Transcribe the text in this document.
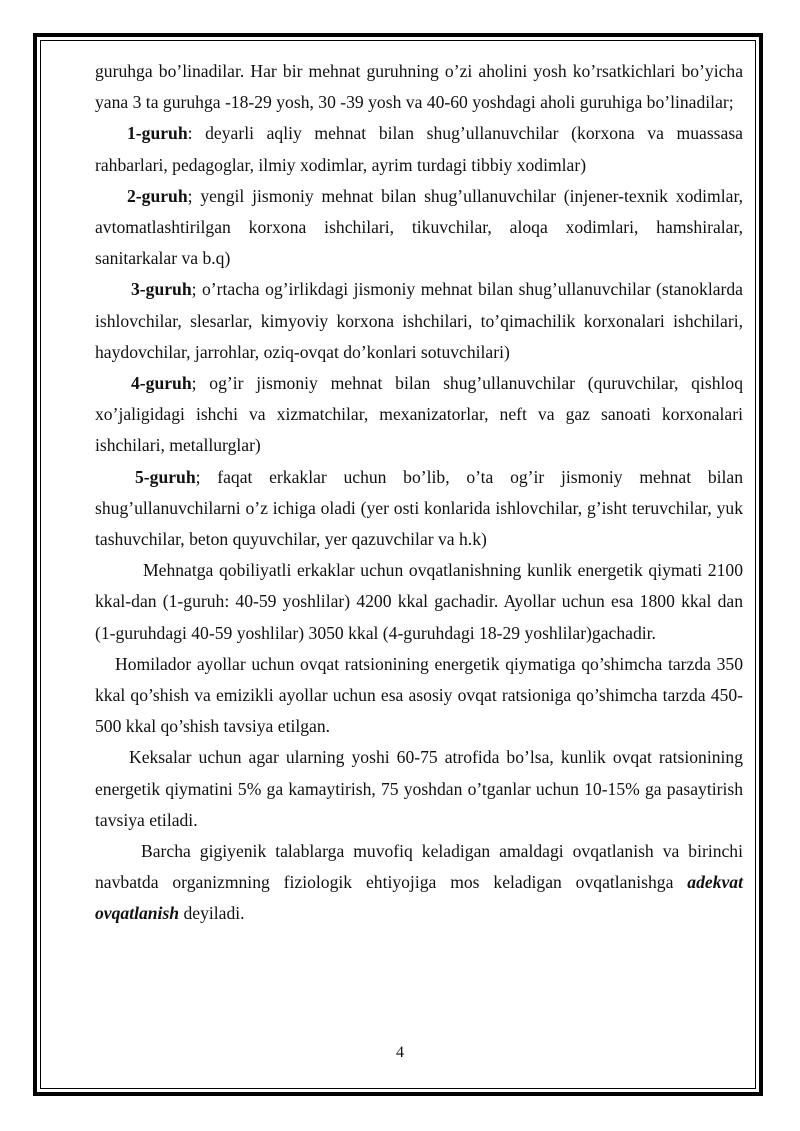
guruhga bo’linadilar. Har bir mehnat guruhning o’zi aholini yosh ko’rsatkichlari bo’yicha yana 3 ta guruhga -18-29 yosh, 30 -39 yosh va 40-60 yoshdagi aholi guruhiga bo’linadilar;

1-guruh: deyarli aqliy mehnat bilan shug’ullanuvchilar (korxona va muassasa rahbarlari, pedagoglar, ilmiy xodimlar, ayrim turdagi tibbiy xodimlar)

2-guruh; yengil jismoniy mehnat bilan shug’ullanuvchilar (injener-texnik xodimlar, avtomatlashtirilgan korxona ishchilari, tikuvchilar, aloqa xodimlari, hamshiralar, sanitarkalar va b.q)

3-guruh; o’rtacha og’irlikdagi jismoniy mehnat bilan shug’ullanuvchilar (stanoklarda ishlovchilar, slesarlar, kimyoviy korxona ishchilari, to’qimachilik korxonalari ishchilari, haydovchilar, jarrohlar, oziq-ovqat do’konlari sotuvchilari)

4-guruh; og’ir jismoniy mehnat bilan shug’ullanuvchilar (quruvchilar, qishloq xo’jaligidagi ishchi va xizmatchilar, mexanizatorlar, neft va gaz sanoati korxonalari ishchilari, metallurglar)

5-guruh; faqat erkaklar uchun bo’lib, o’ta og’ir jismoniy mehnat bilan shug’ullanuvchilarni o’z ichiga oladi (yer osti konlarida ishlovchilar, g’isht teruvchilar, yuk tashuvchilar, beton quyuvchilar, yer qazuvchilar va h.k)

Mehnatga qobiliyatli erkaklar uchun ovqatlanishning kunlik energetik qiymati 2100 kkal-dan (1-guruh: 40-59 yoshlilar) 4200 kkal gachadir. Ayollar uchun esa 1800 kkal dan (1-guruhdagi 40-59 yoshlilar) 3050 kkal (4-guruhdagi 18-29 yoshlilar)gachadir.

Homilador ayollar uchun ovqat ratsionining energetik qiymatiga qo’shimcha tarzda 350 kkal qo’shish va emizikli ayollar uchun esa asosiy ovqat ratsioniga qo’shimcha tarzda 450-500 kkal qo’shish tavsiya etilgan.

Keksalar uchun agar ularning yoshi 60-75 atrofida bo’lsa, kunlik ovqat ratsionining energetik qiymatini 5% ga kamaytirish, 75 yoshdan o’tganlar uchun 10-15% ga pasaytirish tavsiya etiladi.

Barcha gigiyenik talablarga muvofiq keladigan amaldagi ovqatlanish va birinchi navbatda organizmning fiziologik ehtiyojiga mos keladigan ovqatlanishga adekvat ovqatlanish deyiladi.

4
